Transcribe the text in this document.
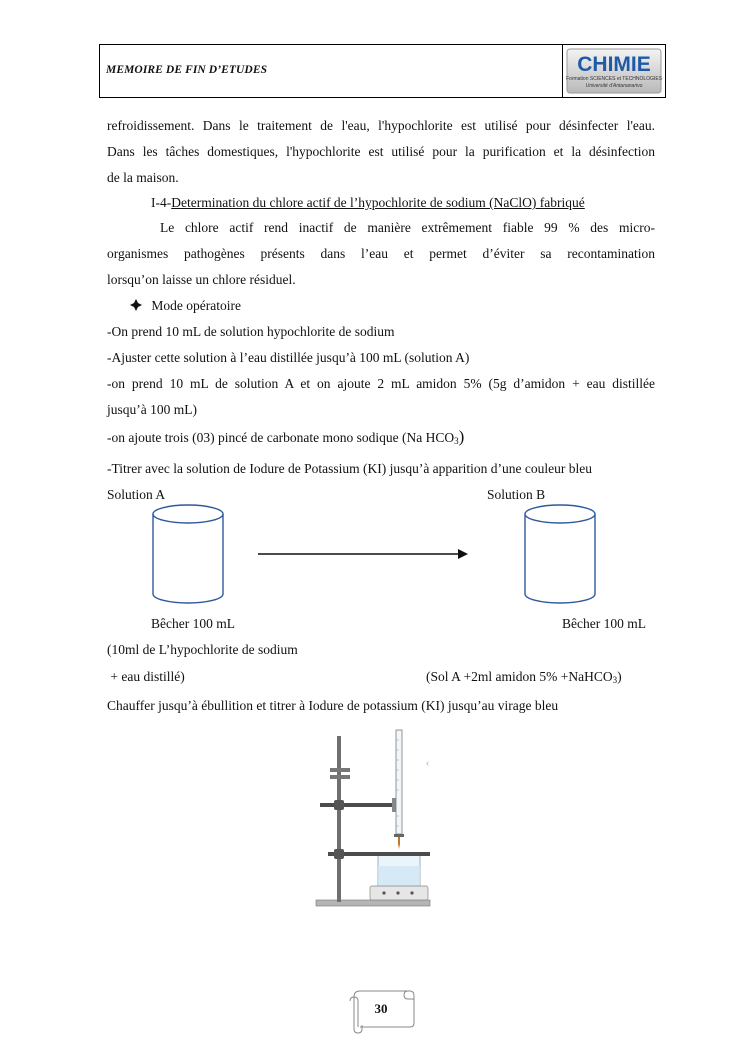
MEMOIRE DE FIN D’ETUDES	CHIMIE
Formation SCIENCES et TECHNOLOGIES
Université d'Antananarivo
refroidissement. Dans le traitement de l'eau, l'hypochlorite est utilisé pour désinfecter l'eau.
Dans les tâches domestiques, l'hypochlorite est utilisé pour la purification et la désinfection
de la maison.
I-4-Determination du chlore actif de l’hypochlorite de sodium (NaClO) fabriqué
Le chlore actif rend inactif de manière extrêmement fiable 99 % des micro-
organismes pathogènes présents dans l’eau et permet d’éviter sa recontamination
lorsqu’on laisse un chlore résiduel.
Mode opératoire
-On prend 10 mL de solution hypochlorite de sodium
-Ajuster cette solution à l’eau distillée jusqu’à 100 mL (solution A)
-on prend 10 mL de solution A et on ajoute 2 mL amidon 5% (5g d’amidon + eau distillée
jusqu’à 100 mL)
-on ajoute trois (03) pincé de carbonate mono sodique (Na $HCO_3$)
-Titrer avec la solution de Iodure de Potassium (KI) jusqu’à apparition d’une couleur bleu
Solution A	Solution B
Bêcher 100 mL	Bêcher 100 mL
(10ml de L’hypochlorite de sodium
+ eau distillé)	(Sol A +2ml amidon 5% +NaHCO$_3$)
Chauffer jusqu’à ébullition et titrer à Iodure de potassium (KI) jusqu’au virage bleu
‹
30
